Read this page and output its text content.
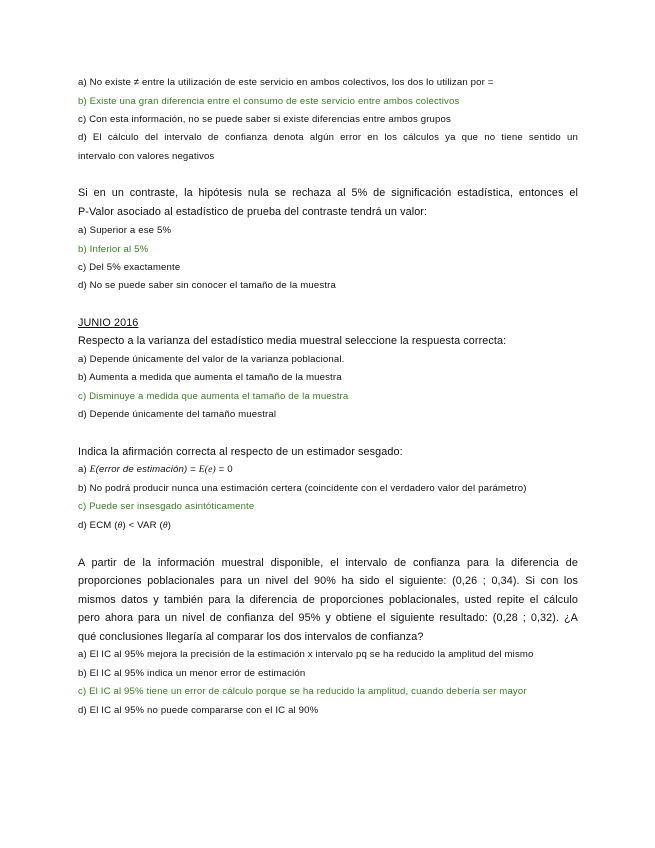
a) No existe ≠ entre la utilización de este servicio en ambos colectivos, los dos lo utilizan por =
b) Existe una gran diferencia entre el consumo de este servicio entre ambos colectivos
c) Con esta información, no se puede saber si existe diferencias entre ambos grupos
d) El cálculo del intervalo de confianza denota algún error en los cálculos ya que no tiene sentido un
intervalo con valores negativos
Si en un contraste, la hipótesis nula se rechaza al 5% de significación estadística, entonces el
P-Valor asociado al estadístico de prueba del contraste tendrá un valor:
a) Superior a ese 5%
b) Inferior al 5%
c) Del 5% exactamente
d) No se puede saber sin conocer el tamaño de la muestra
JUNIO 2016
Respecto a la varianza del estadístico media muestral seleccione la respuesta correcta:
a) Depende únicamente del valor de la varianza poblacional.
b) Aumenta a medida que aumenta el tamaño de la muestra
c) Disminuye a medida que aumenta el tamaño de la muestra
d) Depende únicamente del tamaño muestral
Indica la afirmación correcta al respecto de un estimador sesgado:
a) E(error de estimación) = E(e) = 0
b) No podrá producir nunca una estimación certera (coincidente con el verdadero valor del parámetro)
c) Puede ser insesgado asintóticamente
d) ECM (θ) < VAR (θ)
A partir de la información muestral disponible, el intervalo de confianza para la diferencia de
proporciones poblacionales para un nivel del 90% ha sido el siguiente: (0,26 ; 0,34). Si con los
mismos datos y también para la diferencia de proporciones poblacionales, usted repite el cálculo
pero ahora para un nivel de confianza del 95% y obtiene el siguiente resultado: (0,28 ; 0,32). ¿A
qué conclusiones llegaría al comparar los dos intervalos de confianza?
a) El IC al 95% mejora la precisión de la estimación x intervalo pq se ha reducido la amplitud del mismo
b) El IC al 95% indica un menor error de estimación
c) El IC al 95% tiene un error de cálculo porque se ha reducido la amplitud, cuando debería ser mayor
d) El IC al 95% no puede compararse con el IC al 90%
